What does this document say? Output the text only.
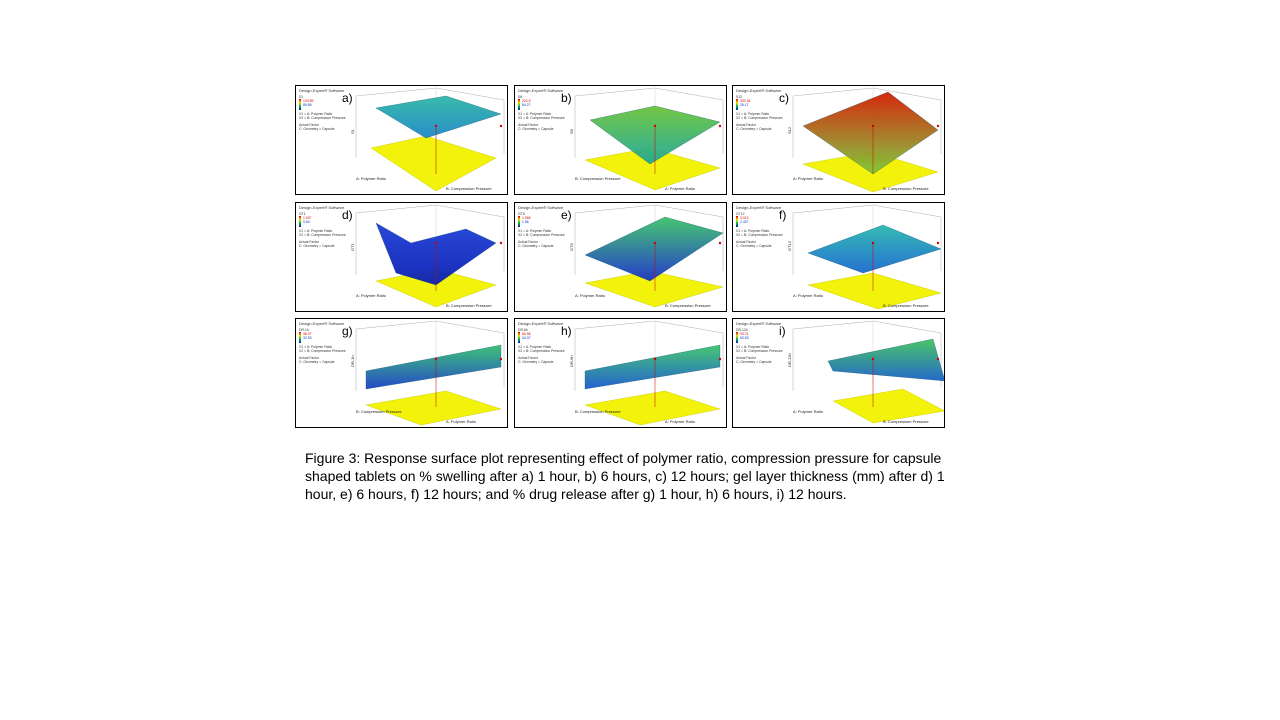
A: Polymer Ratio
B: Compression Pressure
S1
Design-Expert® Software
S1
133.89
89.89
X1 = A: Polymer Ratio
X2 = B: Compression Pressure
Actual Factor
C: Geometry = Capsule
a)
B: Compression Pressure
A: Polymer Ratio
S6
Design-Expert® Software
S6
222.5
84.27
X1 = A: Polymer Ratio
X2 = B: Compression Pressure
Actual Factor
C: Geometry = Capsule
b)
A: Polymer Ratio
B: Compression Pressure
S12
Design-Expert® Software
S12
333.34
26.17
X1 = A: Polymer Ratio
X2 = B: Compression Pressure
Actual Factor
C: Geometry = Capsule
c)
A: Polymer Ratio
B: Compression Pressure
GT1
Design-Expert® Software
GT1
1.037
0.64
X1 = A: Polymer Ratio
X2 = B: Compression Pressure
Actual Factor
C: Geometry = Capsule
d)
A: Polymer Ratio
B: Compression Pressure
GT6
Design-Expert® Software
GT6
1.966
1.56
X1 = A: Polymer Ratio
X2 = B: Compression Pressure
Actual Factor
C: Geometry = Capsule
e)
A: Polymer Ratio
B: Compression Pressure
GT12
Design-Expert® Software
GT12
3.013
2.427
X1 = A: Polymer Ratio
X2 = B: Compression Pressure
Actual Factor
C: Geometry = Capsule
f)
B: Compression Pressure
A: Polymer Ratio
DR-1h
Design-Expert® Software
DR-1h
38.37
32.53
X1 = A: Polymer Ratio
X2 = B: Compression Pressure
Actual Factor
C: Geometry = Capsule
g)
B: Compression Pressure
A: Polymer Ratio
DR-6h
Design-Expert® Software
DR-6h
60.58
44.07
X1 = A: Polymer Ratio
X2 = B: Compression Pressure
Actual Factor
C: Geometry = Capsule
h)
A: Polymer Ratio
B: Compression Pressure
DR-12h
Design-Expert® Software
DR-12h
93.74
63.63
X1 = A: Polymer Ratio
X2 = B: Compression Pressure
Actual Factor
C: Geometry = Capsule
i)
Figure 3: Response surface plot representing effect of polymer ratio, compression pressure for capsule shaped tablets on % swelling after a) 1 hour, b) 6 hours, c) 12 hours; gel layer thickness (mm) after d) 1 hour, e) 6 hours, f) 12 hours; and % drug release after g) 1 hour, h) 6 hours, i) 12 hours.
